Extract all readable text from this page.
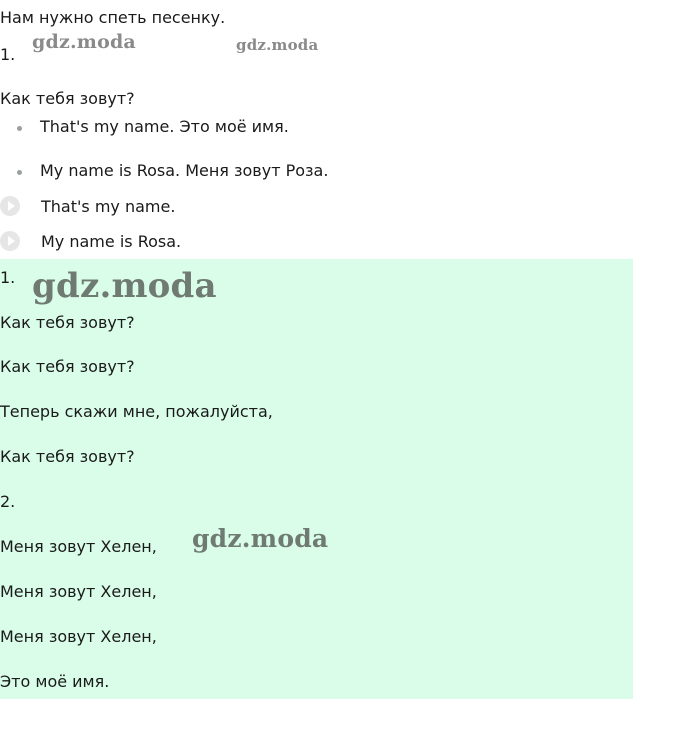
Нам нужно спеть песенку.
1.
gdz.moda	gdz.moda
Как тебя зовут?
That's my name. Это моё имя.
My name is Rosa. Меня зовут Роза.
That's my name.
My name is Rosa.
1. gdz.moda
Как тебя зовут?
Как тебя зовут?
Теперь скажи мне, пожалуйста,
Как тебя зовут?
2.
Меня зовут Хелен, gdz.moda
Меня зовут Хелен,
Меня зовут Хелен,
Это моё имя.
